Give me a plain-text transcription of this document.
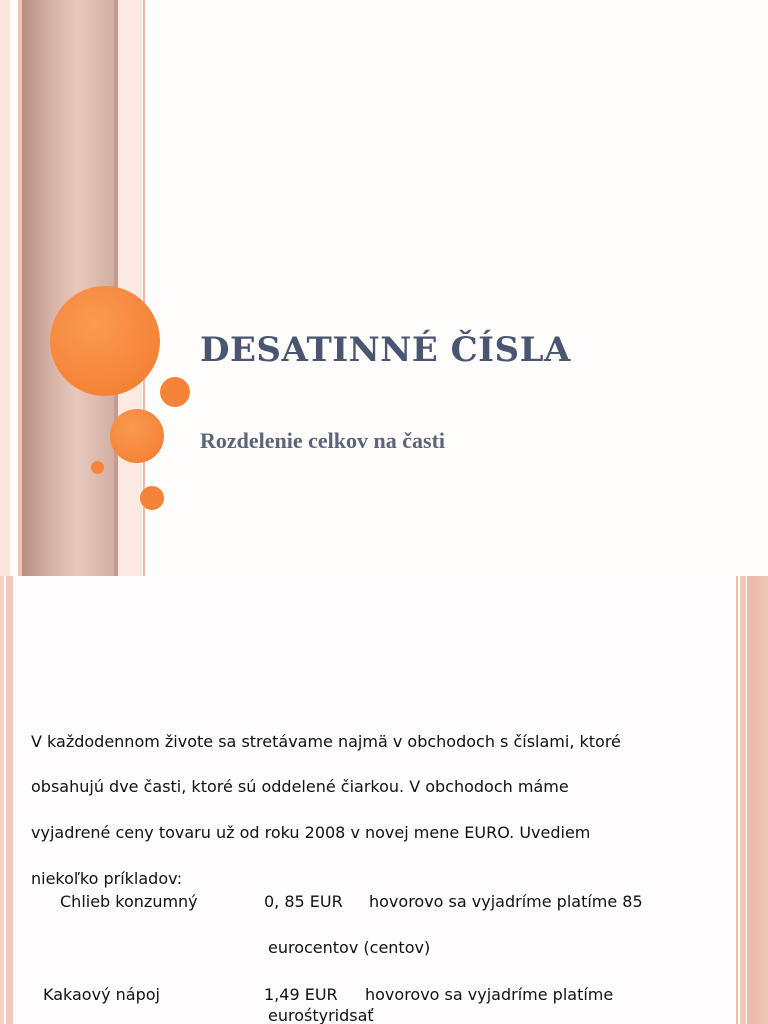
DESATINNÉ ČÍSLA
Rozdelenie celkov na časti
V každodennom živote sa stretávame najmä v obchodoch s číslami, ktoré
obsahujú dve časti, ktoré sú oddelené čiarkou. V obchodoch máme
vyjadrené ceny tovaru už od roku 2008 v novej mene EURO. Uvediem
niekoľko príkladov:
Chlieb konzumný	0, 85 EUR hovorovo sa vyjadríme platíme 85
eurocentov (centov)
Kakaový nápoj	1,49 EUR hovorovo sa vyjadríme platíme
eurośtyridsať
